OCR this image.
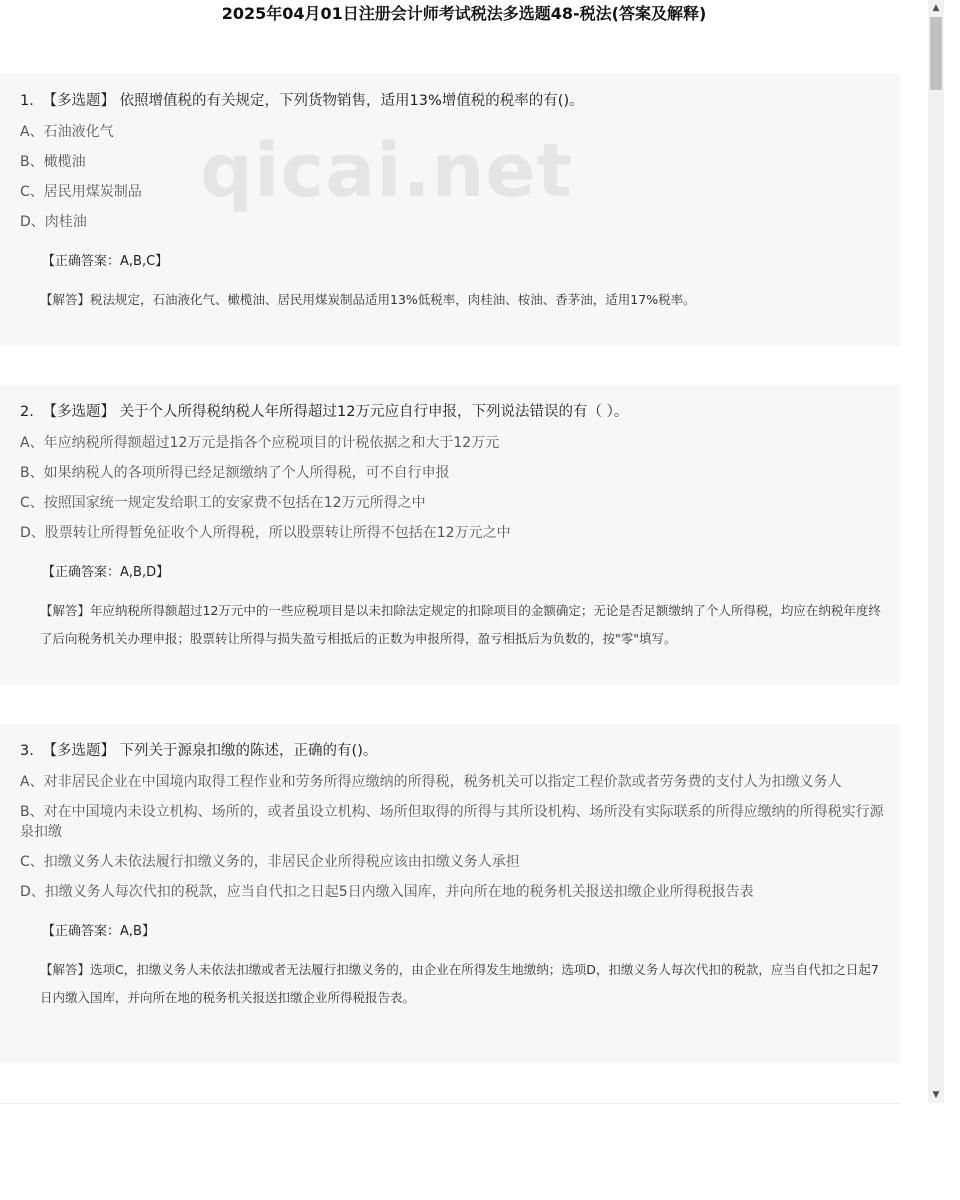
2025年04月01日注册会计师考试税法多选题48-税法(答案及解释)
1. 【多选题】 依照增值税的有关规定，下列货物销售，适用13%增值税的税率的有()。
A、石油液化气
B、橄榄油
C、居民用煤炭制品
D、肉桂油
【正确答案：A,B,C】
【解答】税法规定，石油液化气、橄榄油、居民用煤炭制品适用13%低税率，肉桂油、桉油、香茅油，适用17%税率。
qicai.net
2. 【多选题】 关于个人所得税纳税人年所得超过12万元应自行申报，下列说法错误的有（ ）。
A、年应纳税所得额超过12万元是指各个应税项目的计税依据之和大于12万元
B、如果纳税人的各项所得已经足额缴纳了个人所得税，可不自行申报
C、按照国家统一规定发给职工的安家费不包括在12万元所得之中
D、股票转让所得暂免征收个人所得税，所以股票转让所得不包括在12万元之中
【正确答案：A,B,D】
【解答】年应纳税所得额超过12万元中的一些应税项目是以未扣除法定规定的扣除项目的金额确定；无论是否足额缴纳了个人所得税，均应在纳税年度终了后向税务机关办理申报；股票转让所得与损失盈亏相抵后的正数为申报所得，盈亏相抵后为负数的，按"零"填写。
3. 【多选题】 下列关于源泉扣缴的陈述，正确的有()。
A、对非居民企业在中国境内取得工程作业和劳务所得应缴纳的所得税，税务机关可以指定工程价款或者劳务费的支付人为扣缴义务人
B、对在中国境内未设立机构、场所的，或者虽设立机构、场所但取得的所得与其所设机构、场所没有实际联系的所得应缴纳的所得税实行源泉扣缴
C、扣缴义务人未依法履行扣缴义务的，非居民企业所得税应该由扣缴义务人承担
D、扣缴义务人每次代扣的税款，应当自代扣之日起5日内缴入国库，并向所在地的税务机关报送扣缴企业所得税报告表
【正确答案：A,B】
【解答】选项C，扣缴义务人未依法扣缴或者无法履行扣缴义务的，由企业在所得发生地缴纳；选项D，扣缴义务人每次代扣的税款，应当自代扣之日起7日内缴入国库，并向所在地的税务机关报送扣缴企业所得税报告表。
▲
▼
